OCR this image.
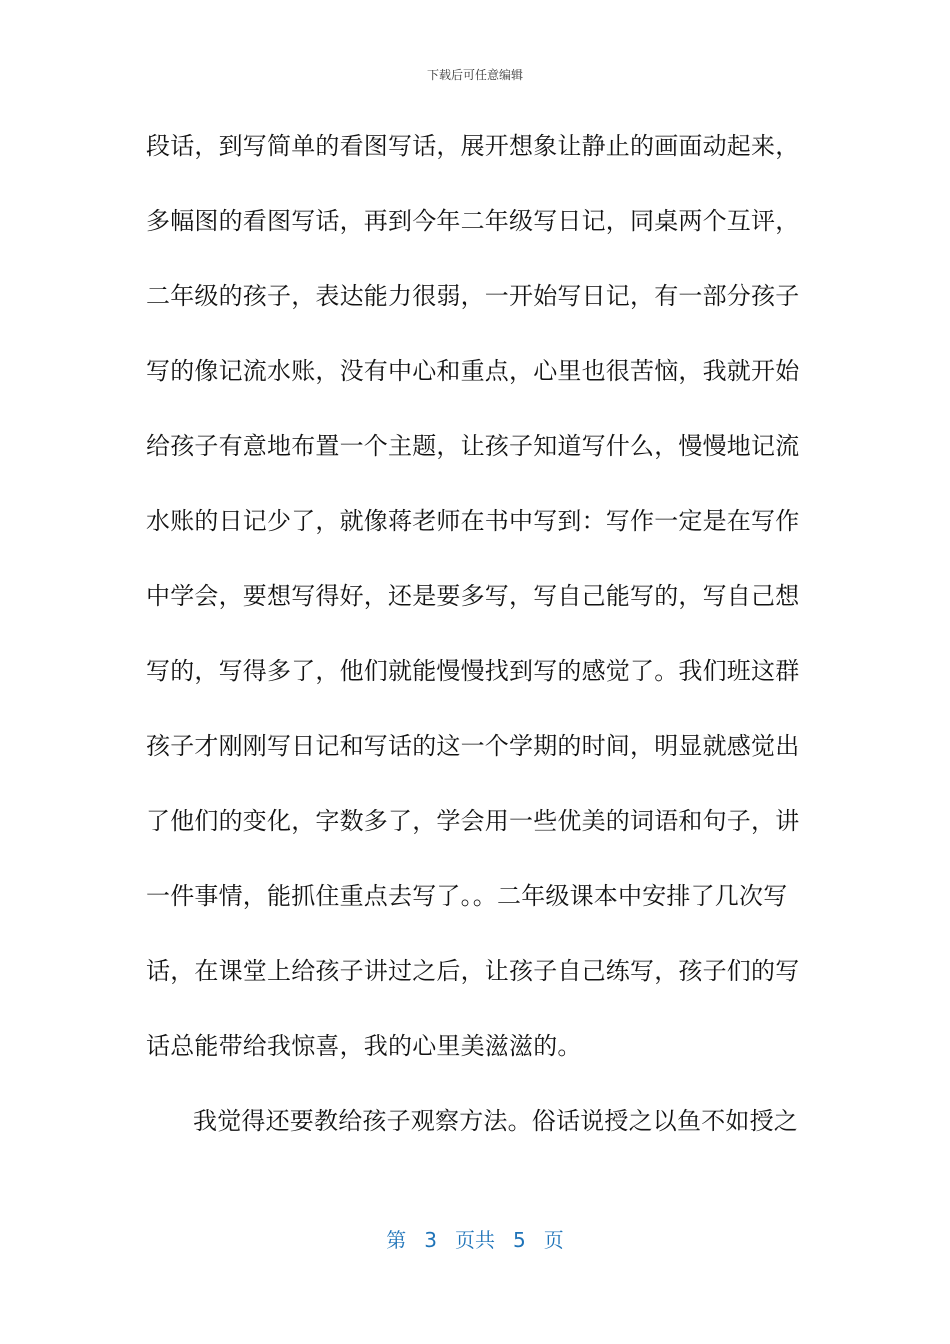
下载后可任意编辑
段话，到写简单的看图写话，展开想象让静止的画面动起来，
多幅图的看图写话，再到今年二年级写日记，同桌两个互评，
二年级的孩子，表达能力很弱，一开始写日记，有一部分孩子
写的像记流水账，没有中心和重点，心里也很苦恼，我就开始
给孩子有意地布置一个主题，让孩子知道写什么，慢慢地记流
水账的日记少了，就像蒋老师在书中写到：写作一定是在写作
中学会，要想写得好，还是要多写，写自己能写的，写自己想
写的，写得多了，他们就能慢慢找到写的感觉了。我们班这群
孩子才刚刚写日记和写话的这一个学期的时间，明显就感觉出
了他们的变化，字数多了，学会用一些优美的词语和句子，讲
一件事情，能抓住重点去写了。。二年级课本中安排了几次写
话，在课堂上给孩子讲过之后，让孩子自己练写，孩子们的写
话总能带给我惊喜，我的心里美滋滋的。
我觉得还要教给孩子观察方法。俗话说授之以鱼不如授之
第 3 页共 5 页
